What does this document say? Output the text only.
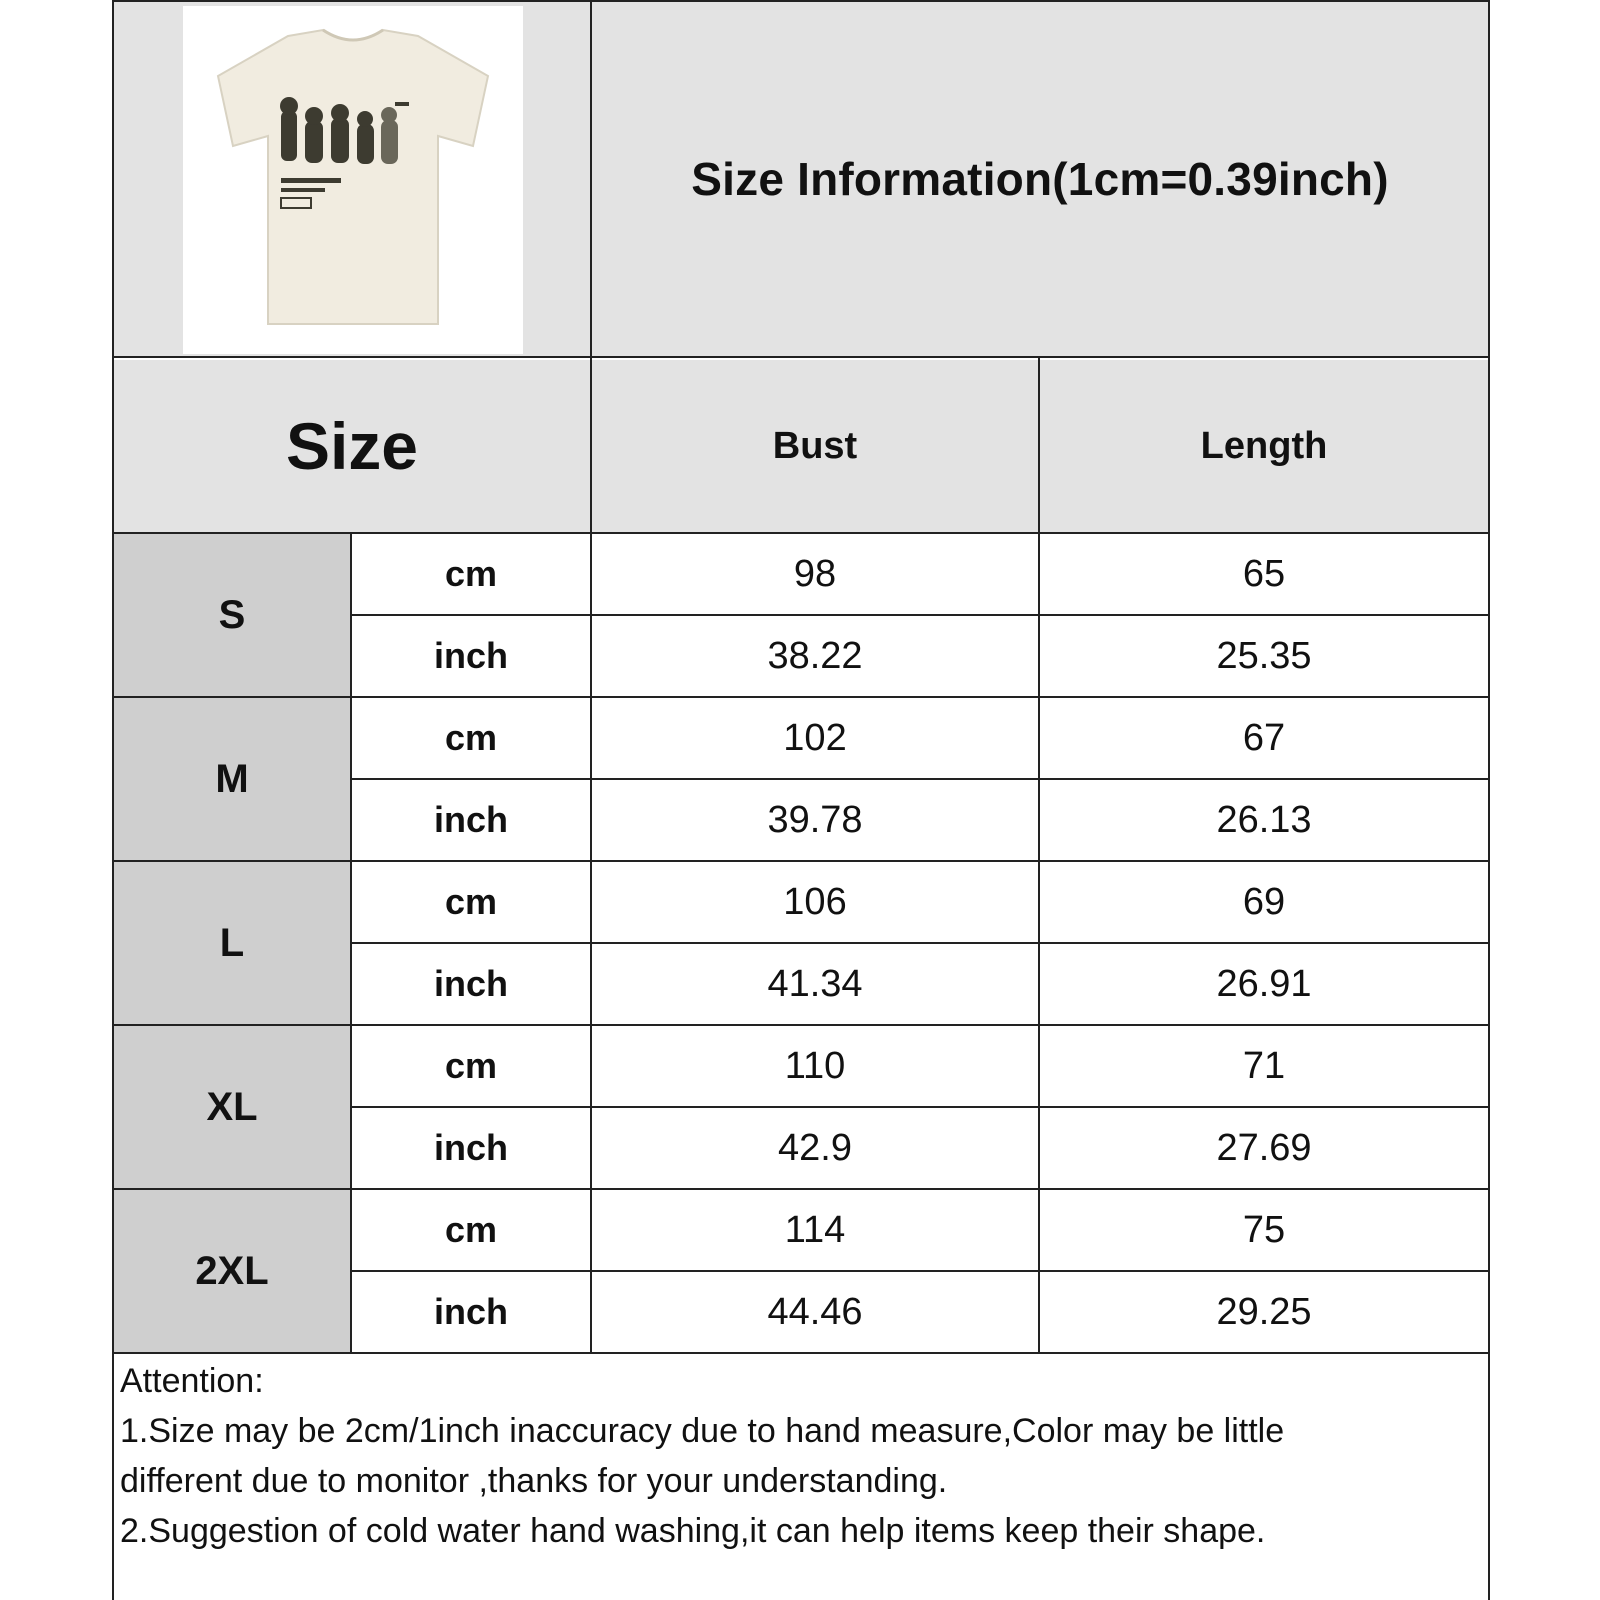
Size Information(1cm=0.39inch)
Size	Bust	Length
S
cm	98	65
inch	38.22	25.35
M
cm	102	67
inch	39.78	26.13
L
cm	106	69
inch	41.34	26.91
XL
cm	110	71
inch	42.9	27.69
2XL
cm	114	75
inch	44.46	29.25
Attention:
1.Size may be 2cm/1inch inaccuracy due to hand measure,Color may be little
different due to monitor ,thanks for your understanding.
2.Suggestion of cold water hand washing,it can help items keep their shape.
